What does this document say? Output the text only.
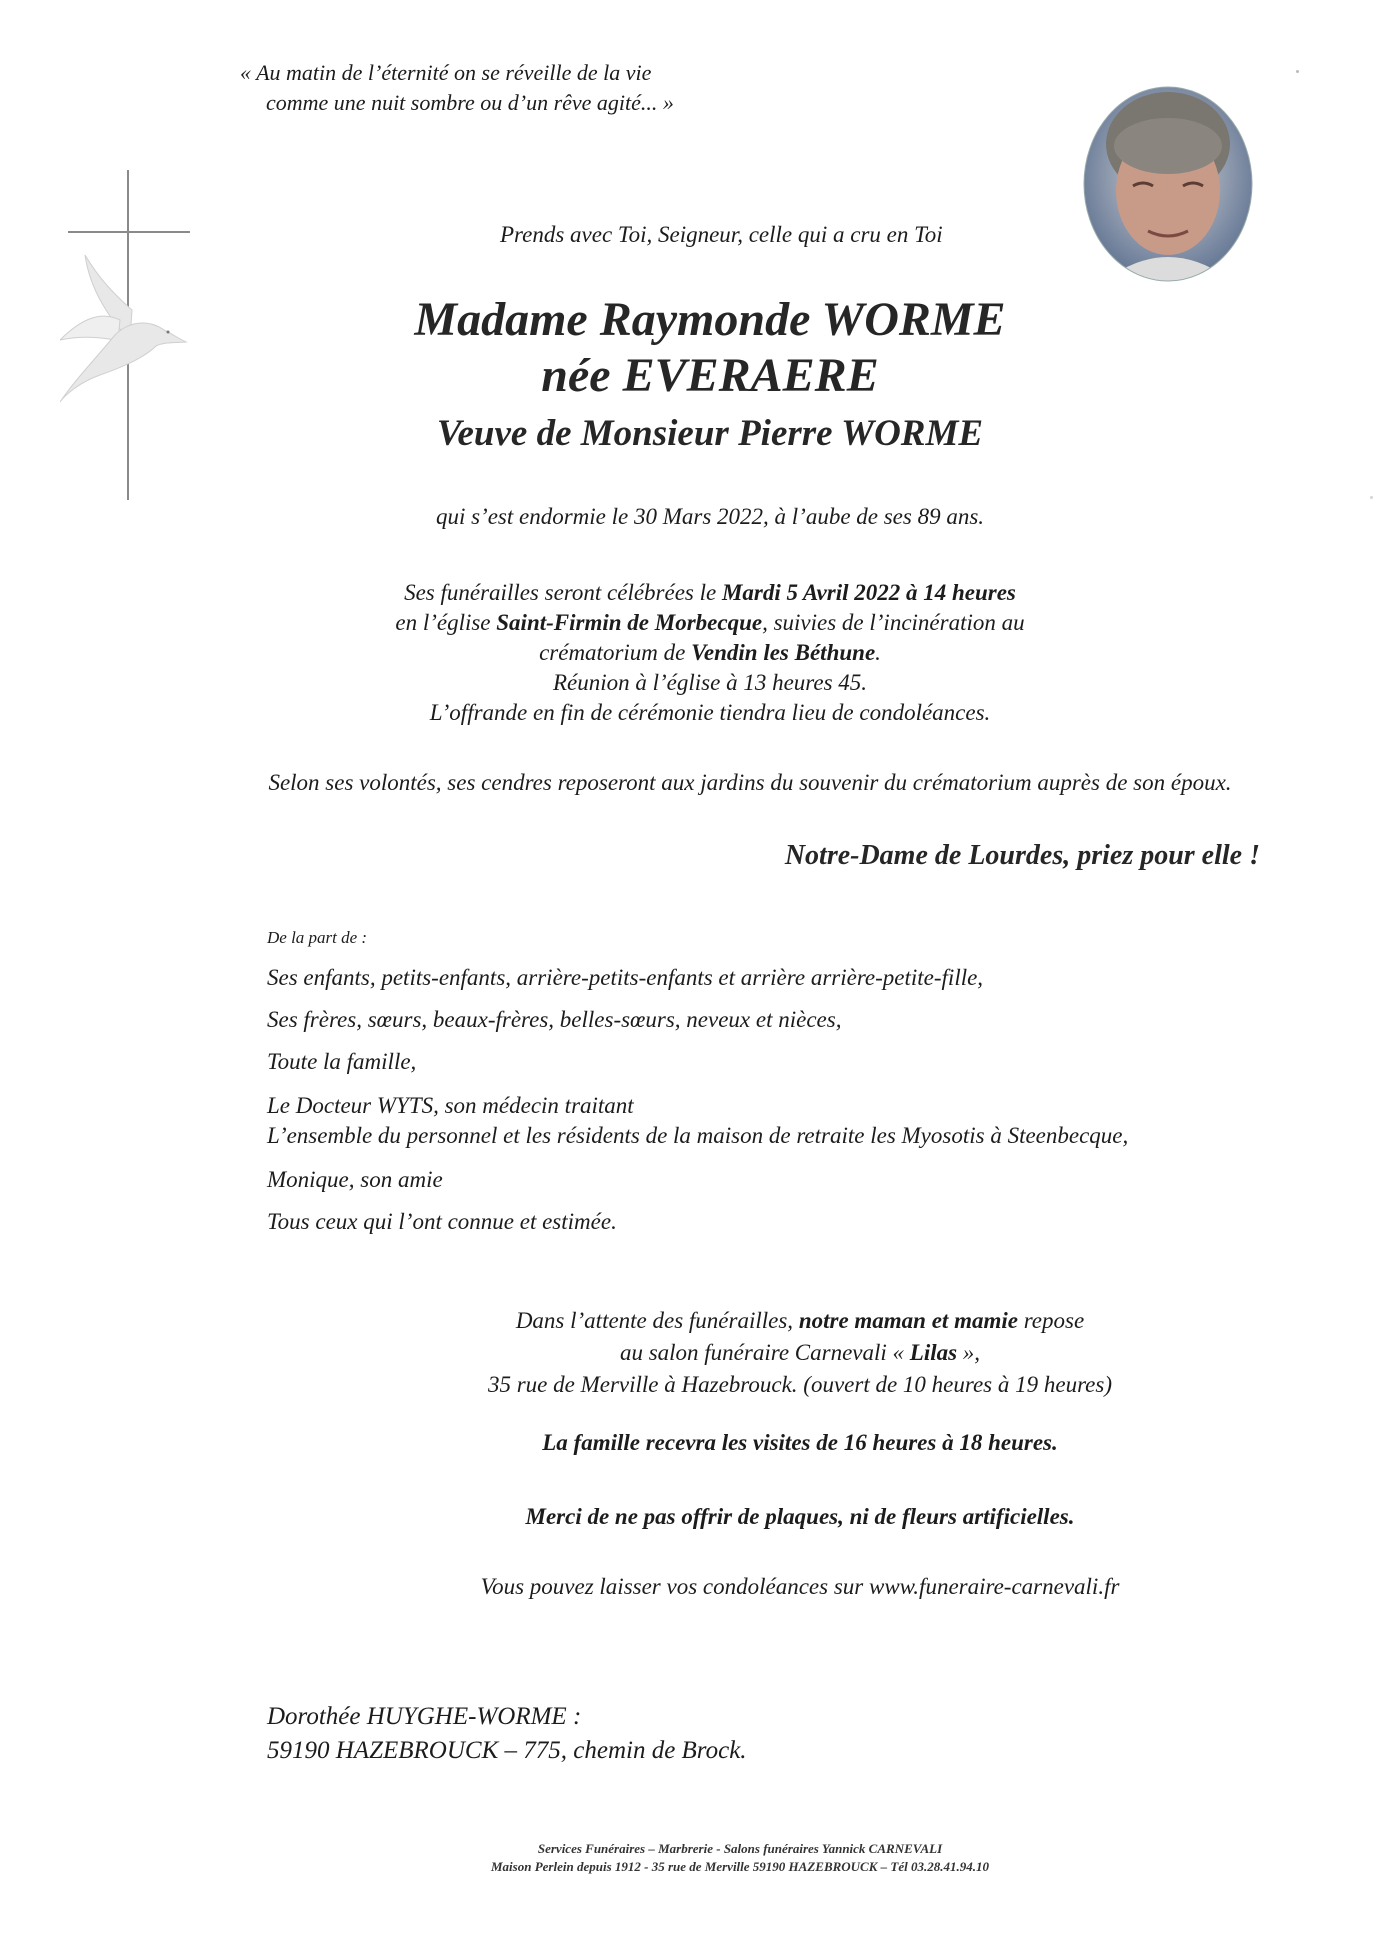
« Au matin de l’éternité on se réveille de la vie
comme une nuit sombre ou d’un rêve agité... »
Prends avec Toi, Seigneur, celle qui a cru en Toi
Madame Raymonde WORME
née EVERAERE
Veuve de Monsieur Pierre WORME
qui s’est endormie le 30 Mars 2022, à l’aube de ses 89 ans.
Ses funérailles seront célébrées le Mardi 5 Avril 2022 à 14 heures
en l’église Saint-Firmin de Morbecque, suivies de l’incinération au
crématorium de Vendin les Béthune.
Réunion à l’église à 13 heures 45.
L’offrande en fin de cérémonie tiendra lieu de condoléances.
Selon ses volontés, ses cendres reposeront aux jardins du souvenir du crématorium auprès de son époux.
Notre-Dame de Lourdes, priez pour elle !
De la part de :
Ses enfants, petits-enfants, arrière-petits-enfants et arrière arrière-petite-fille,
Ses frères, sœurs, beaux-frères, belles-sœurs, neveux et nièces,
Toute la famille,
Le Docteur WYTS, son médecin traitant
L’ensemble du personnel et les résidents de la maison de retraite les Myosotis à Steenbecque,
Monique, son amie
Tous ceux qui l’ont connue et estimée.
Dans l’attente des funérailles, notre maman et mamie repose
au salon funéraire Carnevali « Lilas »,
35 rue de Merville à Hazebrouck. (ouvert de 10 heures à 19 heures)
La famille recevra les visites de 16 heures à 18 heures.
Merci de ne pas offrir de plaques, ni de fleurs artificielles.
Vous pouvez laisser vos condoléances sur www.funeraire-carnevali.fr
Dorothée HUYGHE-WORME :
59190 HAZEBROUCK – 775, chemin de Brock.
Services Funéraires – Marbrerie - Salons funéraires Yannick CARNEVALI
Maison Perlein depuis 1912 - 35 rue de Merville 59190 HAZEBROUCK – Tél 03.28.41.94.10
